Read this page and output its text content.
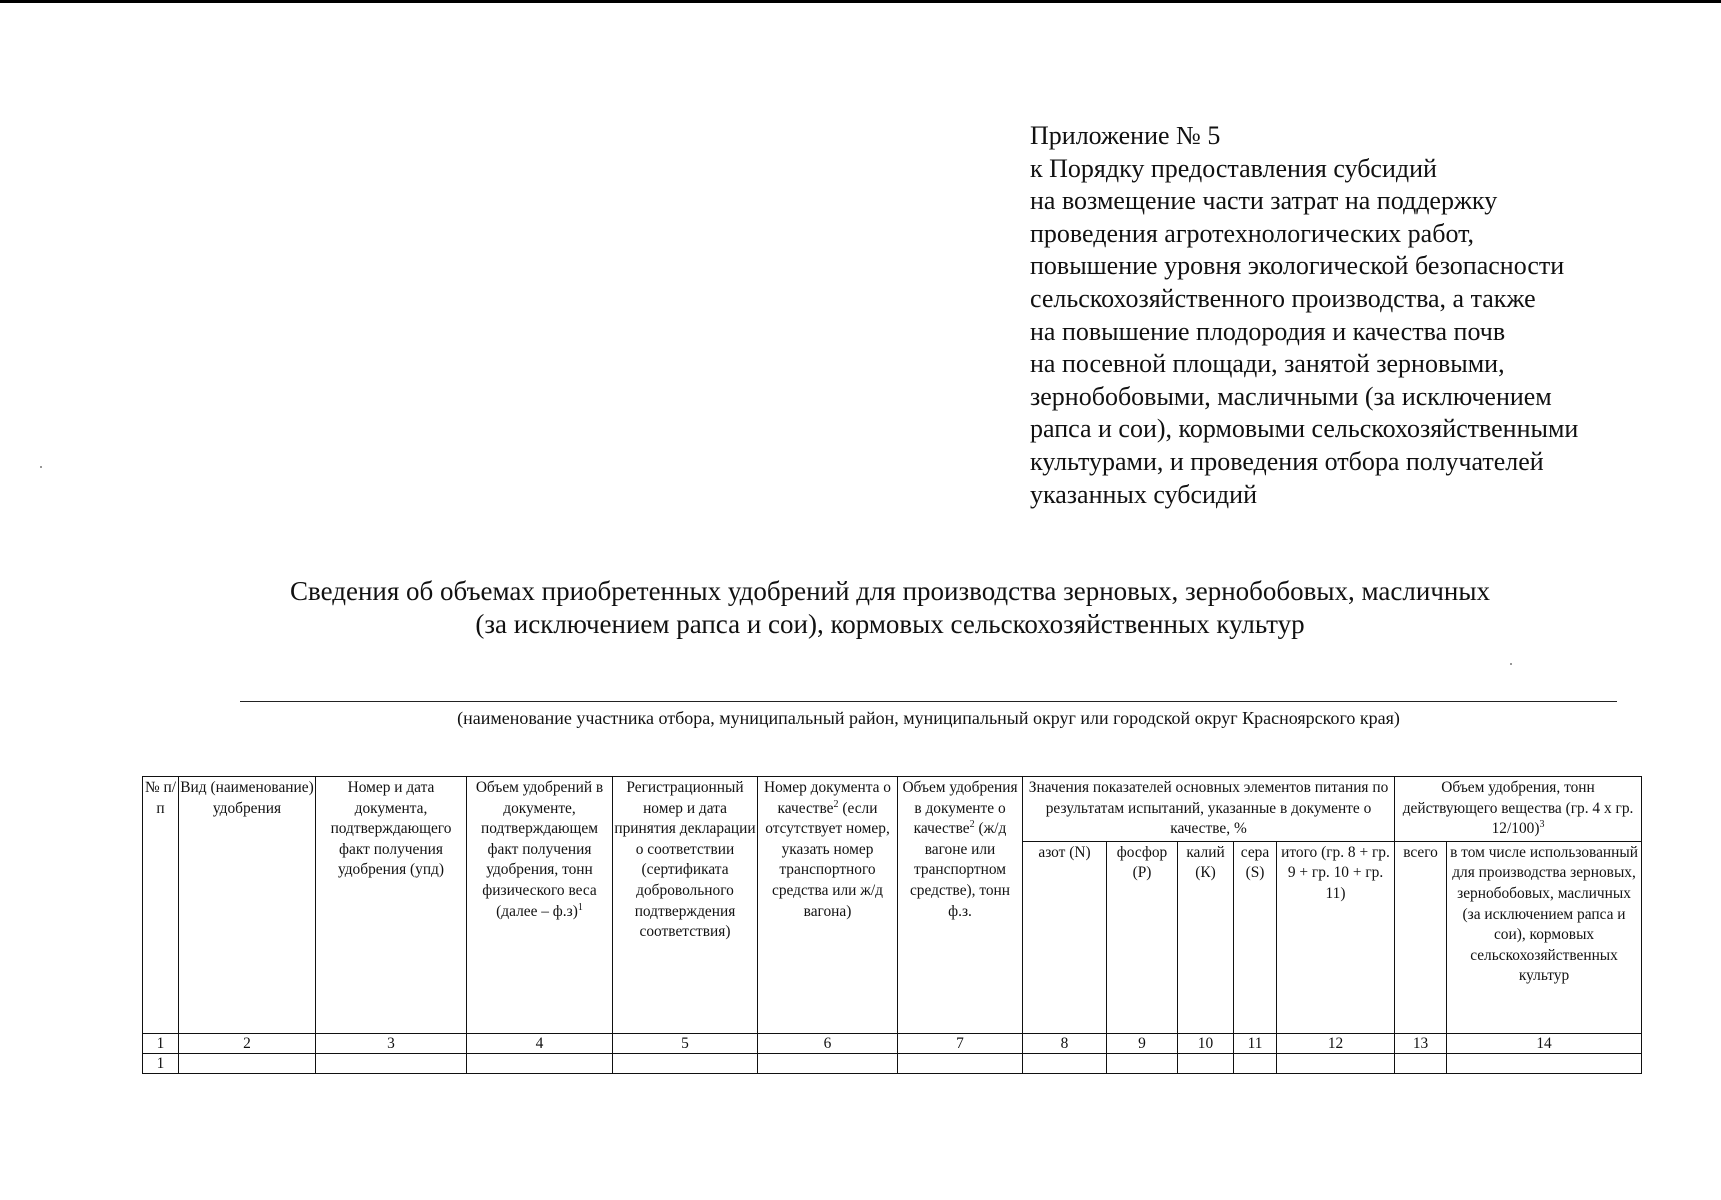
Приложение № 5
к Порядку предоставления субсидий
на возмещение части затрат на поддержку
проведения агротехнологических работ,
повышение уровня экологической безопасности
сельскохозяйственного производства, а также
на повышение плодородия и качества почв
на посевной площади, занятой зерновыми,
зернобобовыми, масличными (за исключением
рапса и сои), кормовыми сельскохозяйственными
культурами, и проведения отбора получателей
указанных субсидий
Сведения об объемах приобретенных удобрений для производства зерновых, зернобобовых, масличных
(за исключением рапса и сои), кормовых сельскохозяйственных культур
(наименование участника отбора, муниципальный район, муниципальный округ или городской округ Красноярского края)
№ п/п	Вид (наименование) удобрения	Номер и дата документа, подтверждающего факт получения удобрения (упд)	Объем удобрений в документе, подтверждающем факт получения удобрения, тонн физического веса (далее – ф.з)$^1$	Регистрационный номер и дата принятия декларации о соответствии (сертификата добровольного подтверждения соответствия)	Номер документа о качестве$^2$ (если отсутствует номер, указать номер транспортного средства или ж/д вагона)	Объем удобрения в документе о качестве$^2$ (ж/д вагоне или транспортном средстве), тонн ф.з.	Значения показателей основных элементов питания по результатам испытаний, указанные в документе о качестве, %					Объем удобрения, тонн действующего вещества (гр. 4 х гр. 12/100)$^3$
							азот (N)	фосфор (Р)	калий (К)	сера (S)	итого (гр. 8 + гр. 9 + гр. 10 + гр. 11)	всего	в том числе использованный для производства зерновых, зернобобовых, масличных (за исключением рапса и сои), кормовых сельскохозяйственных культур
1	2	3	4	5	6	7	8	9	10	11	12	13	14
1													
